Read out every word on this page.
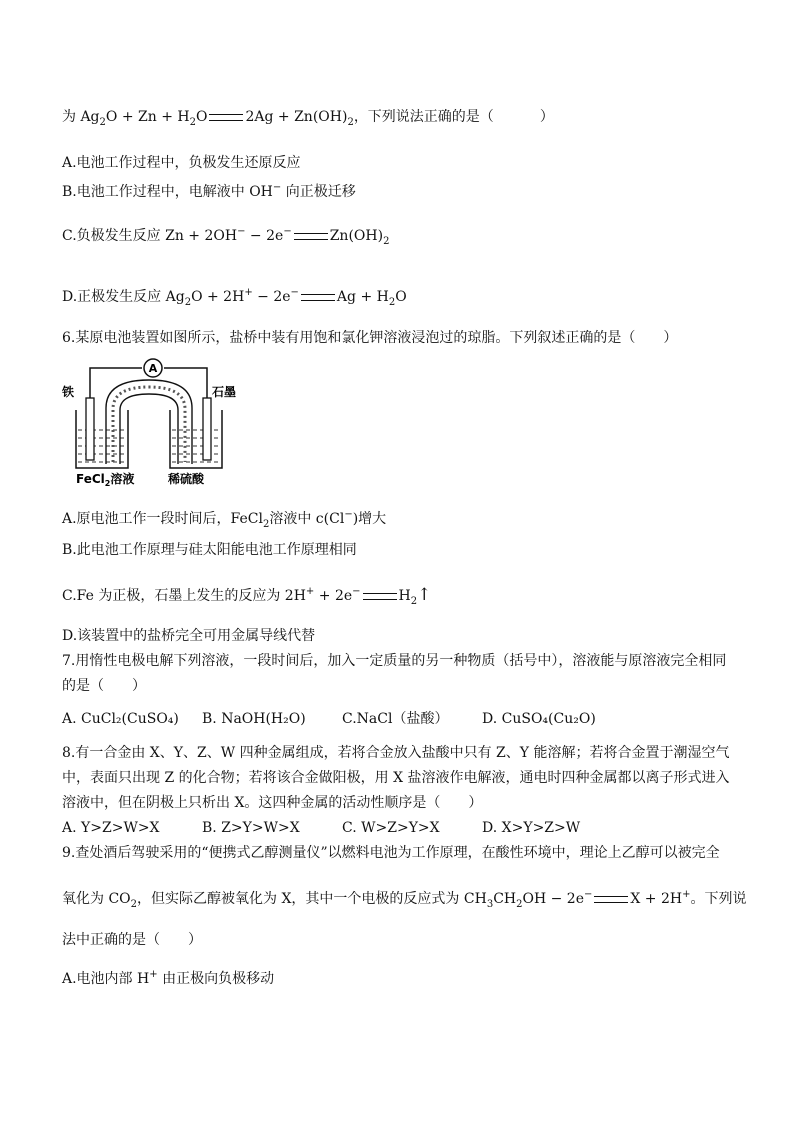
为 $Ag_2O + Zn + H_2O$	$2Ag + Zn(OH)_2$，下列说法正确的是（	）
A.电池工作过程中，负极发生还原反应
B.电池工作过程中，电解液中 OH− 向正极迁移
C.负极发生反应 Zn + 2OH− − 2e−	$Zn(OH)_2$
D.正极发生反应 $Ag_2O + 2H^+ - 2e^-$	$Ag + H_2O$
6.某原电池装置如图所示，盐桥中装有用饱和氯化钾溶液浸泡过的琼脂。下列叙述正确的是（　　）
A
铁	石墨
FeCl$_2$溶液	稀硫酸
A.原电池工作一段时间后，FeCl$_2$溶液中 c(Cl−)增大
B.此电池工作原理与硅太阳能电池工作原理相同
C.Fe 为正极，石墨上发生的反应为 2H+ + 2e−	$H_2↑$
D.该装置中的盐桥完全可用金属导线代替
7.用惰性电极电解下列溶液，一段时间后，加入一定质量的另一种物质（括号中），溶液能与原溶液完全相同
的是（　　）
A. CuCl₂(CuSO₄) B. NaOH(H₂O)	C.NaCl（盐酸） D. CuSO₄(Cu₂O)
8.有一合金由 X、Y、Z、W 四种金属组成，若将合金放入盐酸中只有 Z、Y 能溶解；若将合金置于潮湿空气
中，表面只出现 Z 的化合物；若将该合金做阳极，用 X 盐溶液作电解液，通电时四种金属都以离子形式进入
溶液中，但在阴极上只析出 X。这四种金属的活动性顺序是（　　）
A. Y>Z>W>X	B. Z>Y>W>X	C. W>Z>Y>X	D. X>Y>Z>W
9.查处酒后驾驶采用的“便携式乙醇测量仪”以燃料电池为工作原理，在酸性环境中，理论上乙醇可以被完全
氧化为 $CO_2$，但实际乙醇被氧化为 X，其中一个电极的反应式为 $CH_3CH_2OH - 2e^-$	X + 2H+。下列说
法中正确的是（　　）
A.电池内部 H+ 由正极向负极移动
